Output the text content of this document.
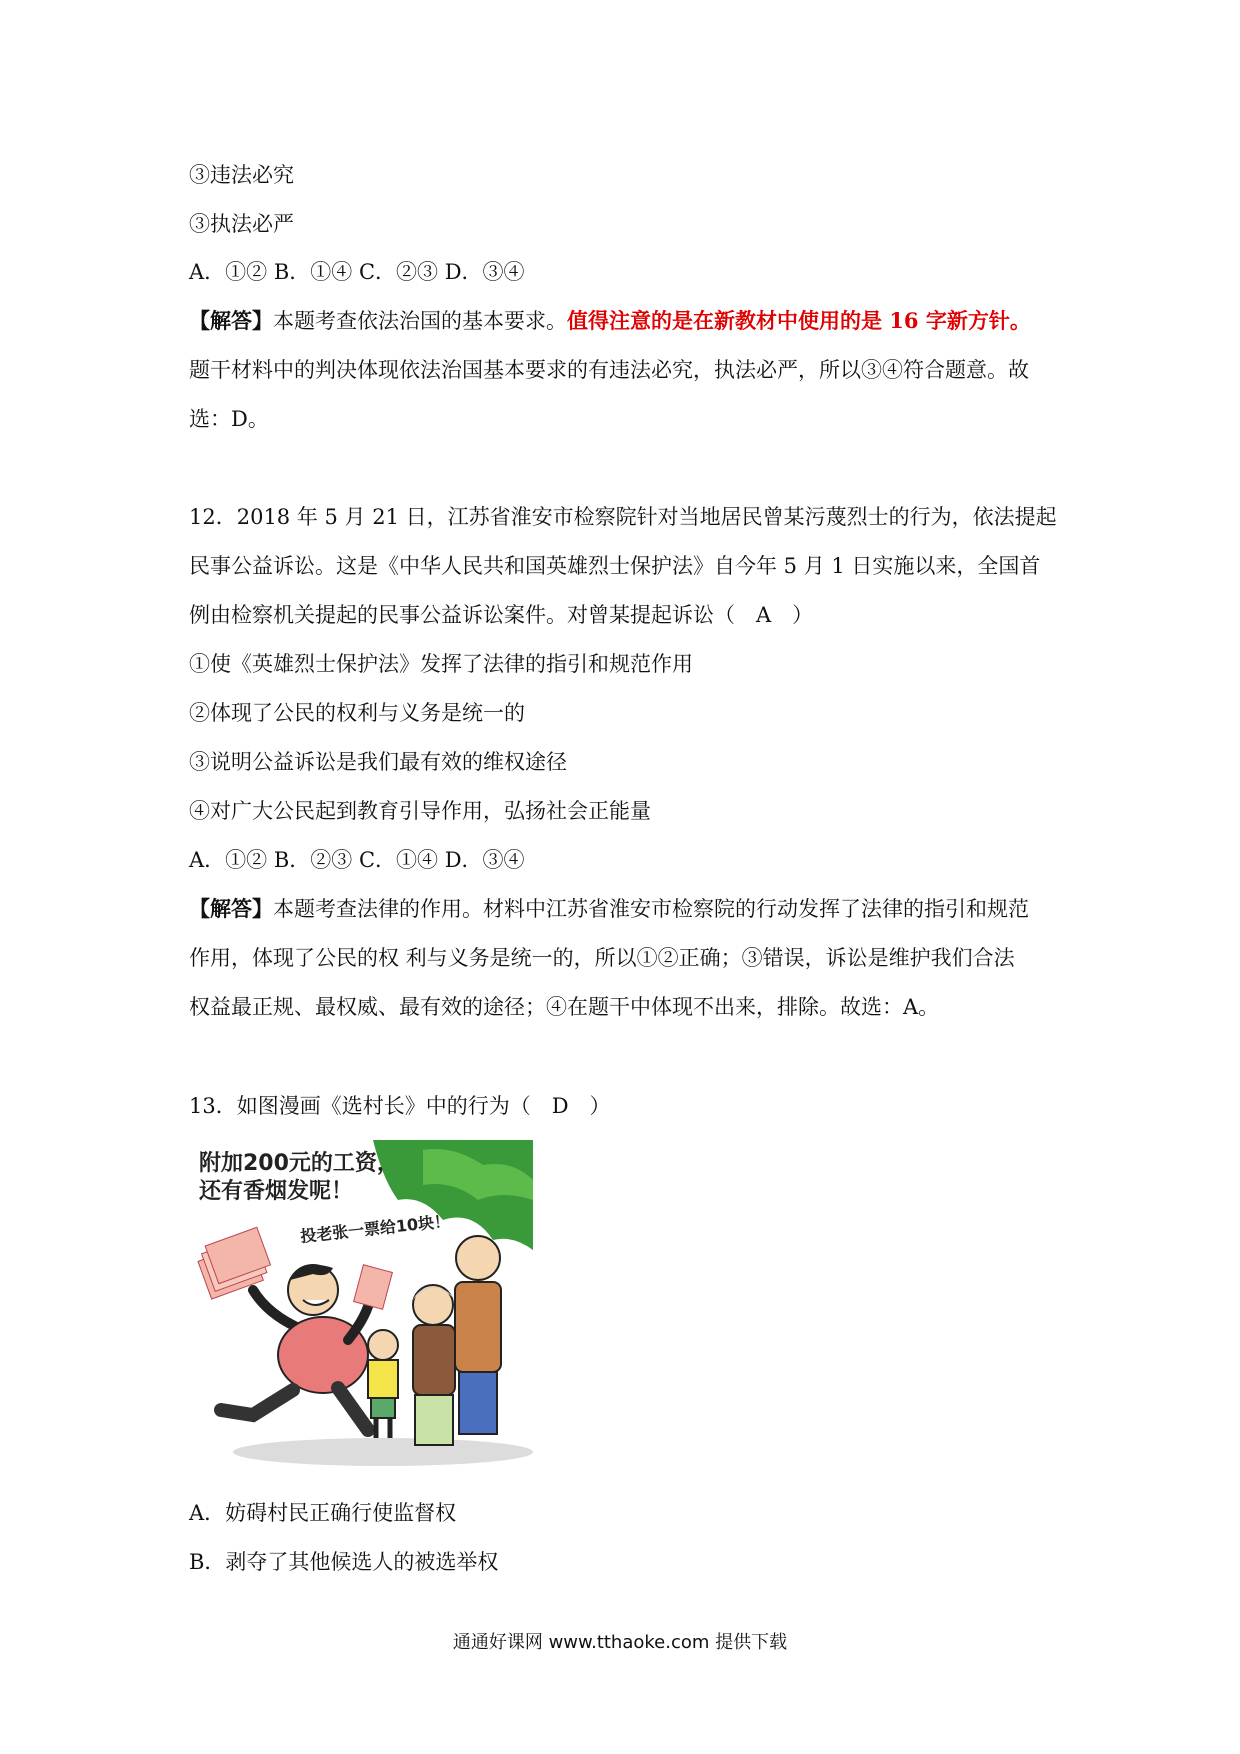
③违法必究
③执法必严
A．①② B．①④ C．②③ D．③④
【解答】本题考查依法治国的基本要求。值得注意的是在新教材中使用的是 16 字新方针。
题干材料中的判决体现依法治国基本要求的有违法必究，执法必严，所以③④符合题意。故
选：D。
12．2018 年 5 月 21 日，江苏省淮安市检察院针对当地居民曾某污蔑烈士的行为，依法提起
民事公益诉讼。这是《中华人民共和国英雄烈士保护法》自今年 5 月 1 日实施以来，全国首
例由检察机关提起的民事公益诉讼案件。对曾某提起诉讼（　A　）
①使《英雄烈士保护法》发挥了法律的指引和规范作用
②体现了公民的权利与义务是统一的
③说明公益诉讼是我们最有效的维权途径
④对广大公民起到教育引导作用，弘扬社会正能量
A．①② B．②③ C．①④ D．③④
【解答】本题考查法律的作用。材料中江苏省淮安市检察院的行动发挥了法律的指引和规范
作用，体现了公民的权 利与义务是统一的，所以①②正确；③错误，诉讼是维护我们合法
权益最正规、最权威、最有效的途径；④在题干中体现不出来，排除。故选：A。
13．如图漫画《选村长》中的行为（　D　）
附加200元的工资，
还有香烟发呢！
投老张一票给10块！
A．妨碍村民正确行使监督权
B．剥夺了其他候选人的被选举权
通通好课网 www.tthaoke.com 提供下载
